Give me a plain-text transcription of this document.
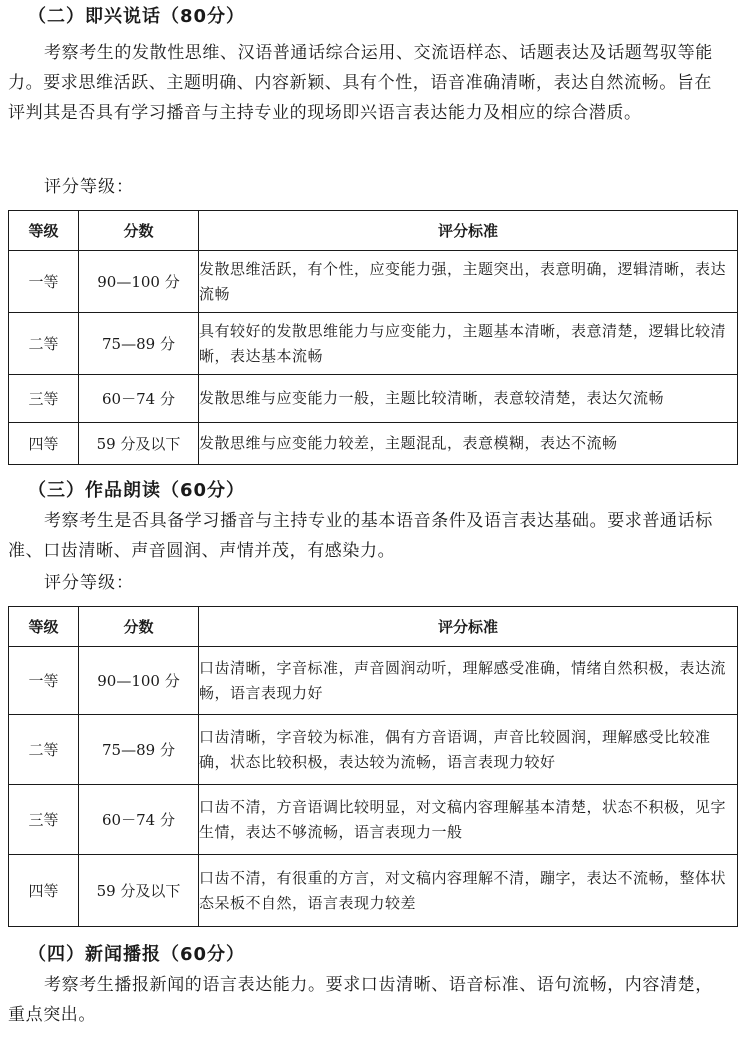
（二）即兴说话（80分）
考察考生的发散性思维、汉语普通话综合运用、交流语样态、话题表达及话题驾驭等能力。要求思维活跃、主题明确、内容新颖、具有个性，语音准确清晰，表达自然流畅。旨在评判其是否具有学习播音与主持专业的现场即兴语言表达能力及相应的综合潜质。
评分等级：
等级	分数	评分标准
一等	90—100 分	发散思维活跃，有个性，应变能力强，主题突出，表意明确，逻辑清晰，表达流畅
二等	75—89 分	具有较好的发散思维能力与应变能力，主题基本清晰，表意清楚，逻辑比较清晰，表达基本流畅
三等	60－74 分	发散思维与应变能力一般，主题比较清晰，表意较清楚，表达欠流畅
四等	59 分及以下	发散思维与应变能力较差，主题混乱，表意模糊，表达不流畅
（三）作品朗读（60分）
考察考生是否具备学习播音与主持专业的基本语音条件及语言表达基础。要求普通话标准、口齿清晰、声音圆润、声情并茂，有感染力。
评分等级：
等级	分数	评分标准
一等	90—100 分	口齿清晰，字音标准，声音圆润动听，理解感受准确，情绪自然积极，表达流畅，语言表现力好
二等	75—89 分	口齿清晰，字音较为标准，偶有方音语调，声音比较圆润，理解感受比较准确，状态比较积极，表达较为流畅，语言表现力较好
三等	60－74 分	口齿不清，方音语调比较明显，对文稿内容理解基本清楚，状态不积极，见字生情，表达不够流畅，语言表现力一般
四等	59 分及以下	口齿不清，有很重的方言，对文稿内容理解不清，蹦字，表达不流畅，整体状态呆板不自然，语言表现力较差
（四）新闻播报（60分）
考察考生播报新闻的语言表达能力。要求口齿清晰、语音标准、语句流畅，内容清楚，重点突出。
